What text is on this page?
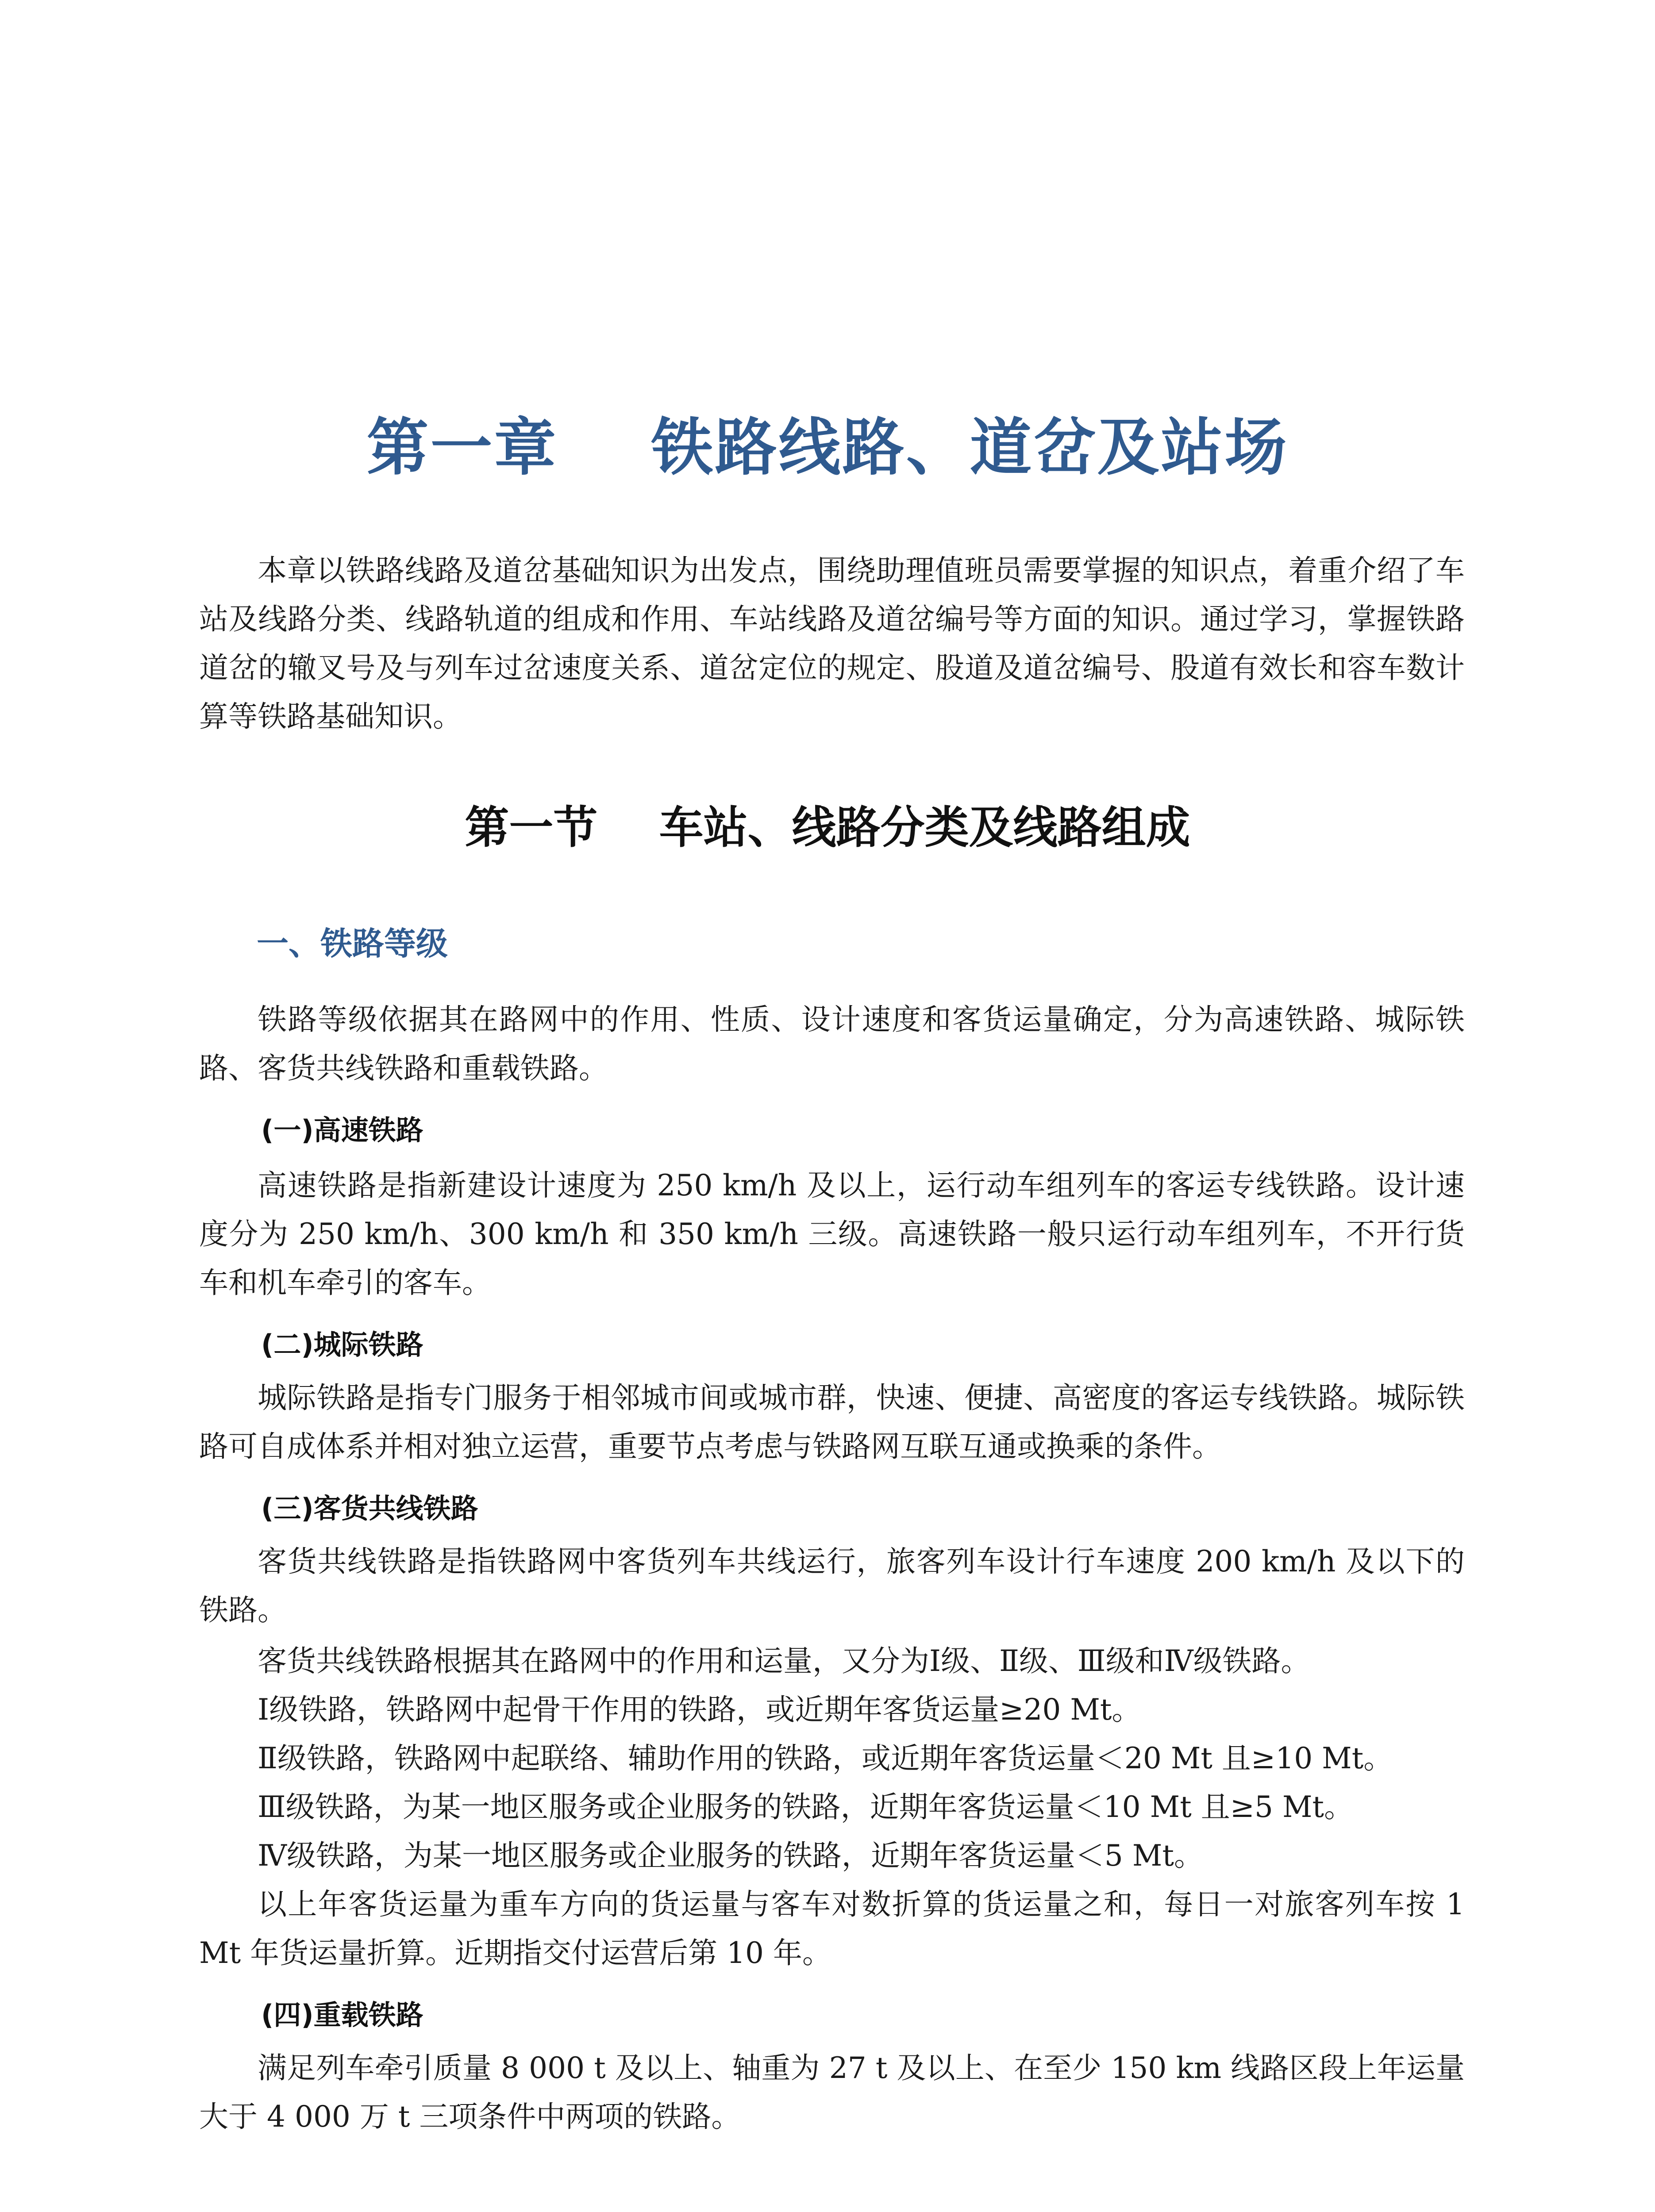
第一章    铁路线路、道岔及站场

本章以铁路线路及道岔基础知识为出发点，围绕助理值班员需要掌握的知识点，着重介绍了车站及线路分类、线路轨道的组成和作用、车站线路及道岔编号等方面的知识。通过学习，掌握铁路道岔的辙叉号及与列车过岔速度关系、道岔定位的规定、股道及道岔编号、股道有效长和容车数计算等铁路基础知识。

第一节    车站、线路分类及线路组成
一、铁路等级

铁路等级依据其在路网中的作用、性质、设计速度和客货运量确定，分为高速铁路、城际铁路、客货共线铁路和重载铁路。

(一)高速铁路

高速铁路是指新建设计速度为 250 km/h 及以上，运行动车组列车的客运专线铁路。设计速度分为 250 km/h、300 km/h 和 350 km/h 三级。高速铁路一般只运行动车组列车，不开行货车和机车牵引的客车。

(二)城际铁路

城际铁路是指专门服务于相邻城市间或城市群，快速、便捷、高密度的客运专线铁路。城际铁路可自成体系并相对独立运营，重要节点考虑与铁路网互联互通或换乘的条件。

(三)客货共线铁路

客货共线铁路是指铁路网中客货列车共线运行，旅客列车设计行车速度 200 km/h 及以下的铁路。

客货共线铁路根据其在路网中的作用和运量，又分为Ⅰ级、Ⅱ级、Ⅲ级和Ⅳ级铁路。

Ⅰ级铁路，铁路网中起骨干作用的铁路，或近期年客货运量≥20 Mt。

Ⅱ级铁路，铁路网中起联络、辅助作用的铁路，或近期年客货运量＜20 Mt 且≥10 Mt。

Ⅲ级铁路，为某一地区服务或企业服务的铁路，近期年客货运量＜10 Mt 且≥5 Mt。

Ⅳ级铁路，为某一地区服务或企业服务的铁路，近期年客货运量＜5 Mt。

以上年客货运量为重车方向的货运量与客车对数折算的货运量之和，每日一对旅客列车按 1 Mt 年货运量折算。近期指交付运营后第 10 年。

(四)重载铁路

满足列车牵引质量 8 000 t 及以上、轴重为 27 t 及以上、在至少 150 km 线路区段上年运量大于 4 000 万 t 三项条件中两项的铁路。
